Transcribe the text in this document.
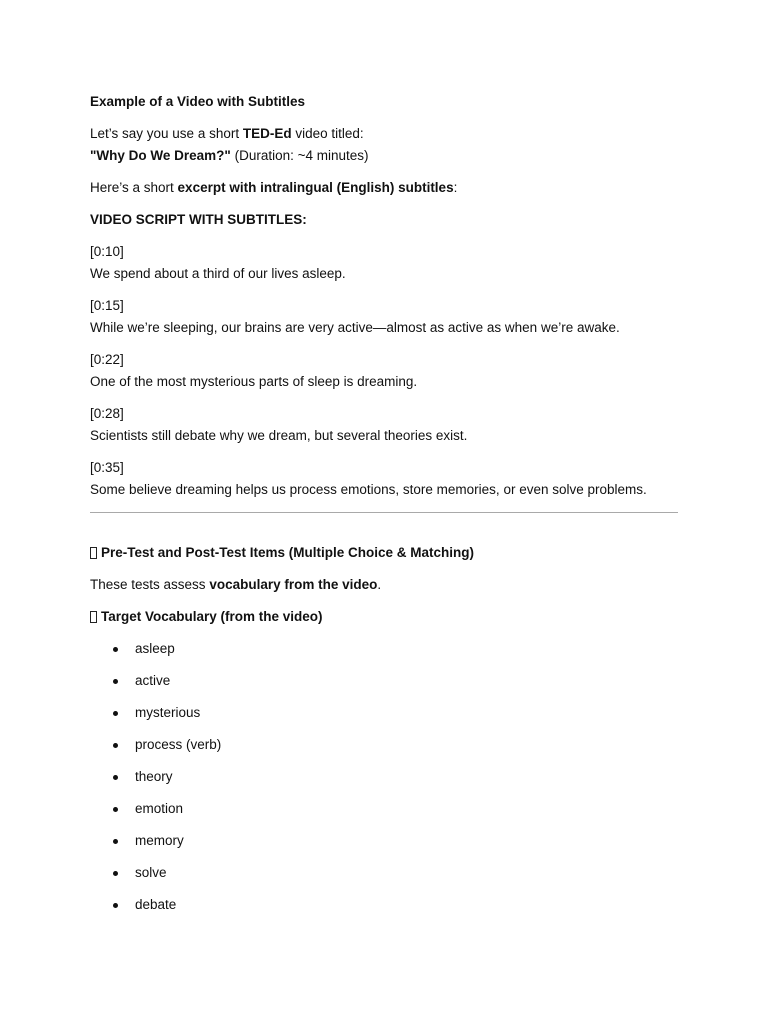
Example of a Video with Subtitles
Let’s say you use a short TED-Ed video titled:
"Why Do We Dream?" (Duration: ~4 minutes)
Here’s a short excerpt with intralingual (English) subtitles:
VIDEO SCRIPT WITH SUBTITLES:
[0:10]
We spend about a third of our lives asleep.
[0:15]
While we’re sleeping, our brains are very active—almost as active as when we’re awake.
[0:22]
One of the most mysterious parts of sleep is dreaming.
[0:28]
Scientists still debate why we dream, but several theories exist.
[0:35]
Some believe dreaming helps us process emotions, store memories, or even solve problems.
Pre-Test and Post-Test Items (Multiple Choice & Matching)
These tests assess vocabulary from the video.
Target Vocabulary (from the video)
asleep
active
mysterious
process (verb)
theory
emotion
memory
solve
debate
